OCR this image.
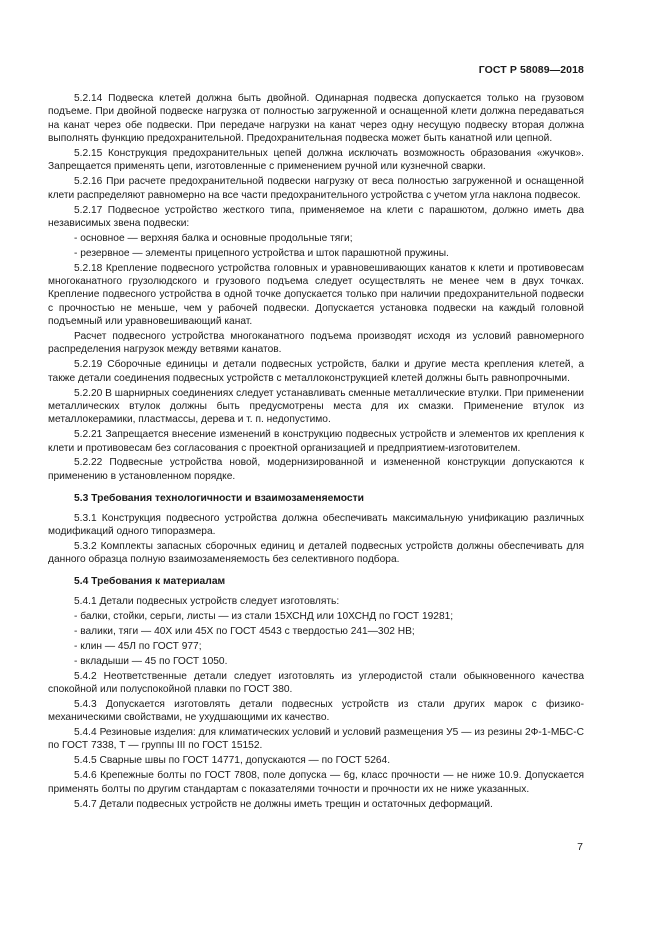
ГОСТ Р 58089—2018

5.2.14 Подвеска клетей должна быть двойной. Одинарная подвеска допускается только на грузовом подъеме. При двойной подвеске нагрузка от полностью загруженной и оснащенной клети должна передаваться на канат через обе подвески. При передаче нагрузки на канат через одну несущую подвеску вторая должна выполнять функцию предохранительной. Предохранительная подвеска может быть канатной или цепной.

5.2.15 Конструкция предохранительных цепей должна исключать возможность образования «жучков». Запрещается применять цепи, изготовленные с применением ручной или кузнечной сварки.

5.2.16 При расчете предохранительной подвески нагрузку от веса полностью загруженной и оснащенной клети распределяют равномерно на все части предохранительного устройства с учетом угла наклона подвесок.

5.2.17 Подвесное устройство жесткого типа, применяемое на клети с парашютом, должно иметь два независимых звена подвески:

- основное — верхняя балка и основные продольные тяги;

- резервное — элементы прицепного устройства и шток парашютной пружины.

5.2.18 Крепление подвесного устройства головных и уравновешивающих канатов к клети и противовесам многоканатного грузолюдского и грузового подъема следует осуществлять не менее чем в двух точках. Крепление подвесного устройства в одной точке допускается только при наличии предохранительной подвески с прочностью не меньше, чем у рабочей подвески. Допускается установка подвески на каждый головной подъемный или уравновешивающий канат.

Расчет подвесного устройства многоканатного подъема производят исходя из условий равномерного распределения нагрузок между ветвями канатов.

5.2.19 Сборочные единицы и детали подвесных устройств, балки и другие места крепления клетей, а также детали соединения подвесных устройств с металлоконструкцией клетей должны быть равнопрочными.

5.2.20 В шарнирных соединениях следует устанавливать сменные металлические втулки. При применении металлических втулок должны быть предусмотрены места для их смазки. Применение втулок из металлокерамики, пластмассы, дерева и т. п. недопустимо.

5.2.21 Запрещается внесение изменений в конструкцию подвесных устройств и элементов их крепления к клети и противовесам без согласования с проектной организацией и предприятием-изготовителем.

5.2.22 Подвесные устройства новой, модернизированной и измененной конструкции допускаются к применению в установленном порядке.

5.3 Требования технологичности и взаимозаменяемости

5.3.1 Конструкция подвесного устройства должна обеспечивать максимальную унификацию различных модификаций одного типоразмера.

5.3.2 Комплекты запасных сборочных единиц и деталей подвесных устройств должны обеспечивать для данного образца полную взаимозаменяемость без селективного подбора.

5.4 Требования к материалам

5.4.1 Детали подвесных устройств следует изготовлять:

- балки, стойки, серьги, листы — из стали 15ХСНД или 10ХСНД по ГОСТ 19281;

- валики, тяги — 40Х или 45Х по ГОСТ 4543 с твердостью 241—302 НВ;

- клин — 45Л по ГОСТ 977;

- вкладыши — 45 по ГОСТ 1050.

5.4.2 Неответственные детали следует изготовлять из углеродистой стали обыкновенного качества спокойной или полуспокойной плавки по ГОСТ 380.

5.4.3 Допускается изготовлять детали подвесных устройств из стали других марок с физико-механическими свойствами, не ухудшающими их качество.

5.4.4 Резиновые изделия: для климатических условий и условий размещения У5 — из резины 2Ф-1-МБС-С по ГОСТ 7338, Т — группы III по ГОСТ 15152.

5.4.5 Сварные швы по ГОСТ 14771, допускаются — по ГОСТ 5264.

5.4.6 Крепежные болты по ГОСТ 7808, поле допуска — 6g, класс прочности — не ниже 10.9. Допускается применять болты по другим стандартам с показателями точности и прочности их не ниже указанных.

5.4.7 Детали подвесных устройств не должны иметь трещин и остаточных деформаций.

7
